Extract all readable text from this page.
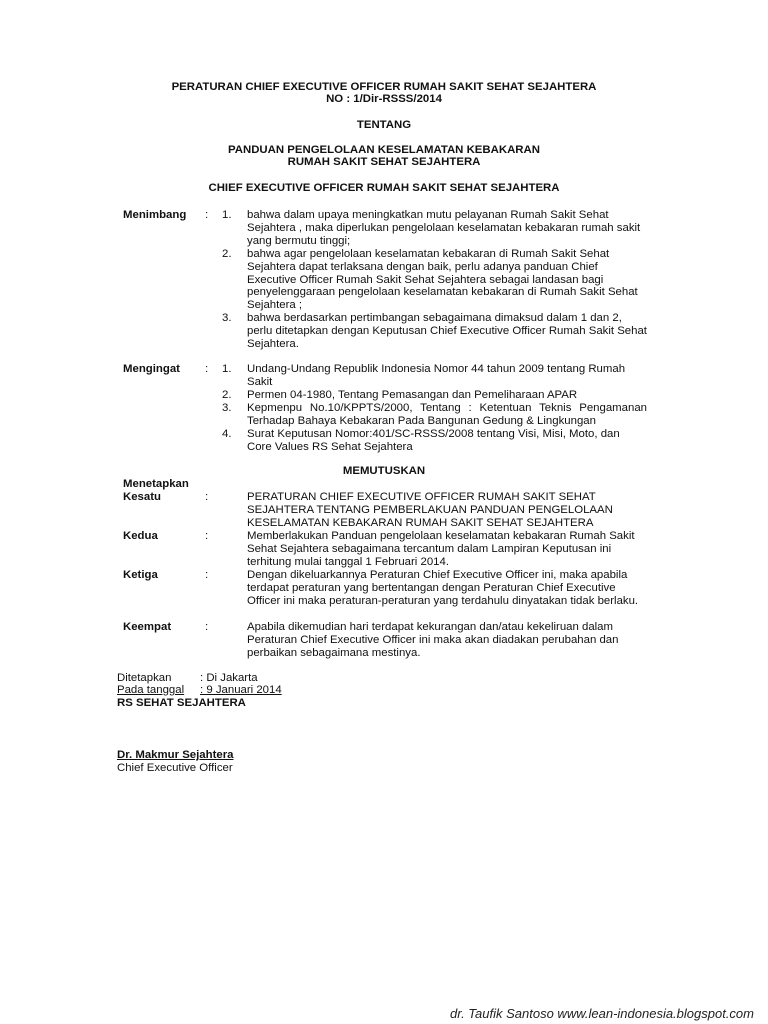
PERATURAN CHIEF EXECUTIVE OFFICER RUMAH SAKIT SEHAT SEJAHTERA
NO : 1/Dir-RSSS/2014
TENTANG
PANDUAN PENGELOLAAN KESELAMATAN KEBAKARAN
RUMAH SAKIT SEHAT SEJAHTERA
CHIEF EXECUTIVE OFFICER RUMAH SAKIT SEHAT SEJAHTERA
Menimbang : 1. bahwa dalam upaya meningkatkan mutu pelayanan Rumah Sakit Sehat Sejahtera , maka diperlukan pengelolaan keselamatan kebakaran rumah sakit yang bermutu tinggi;
2. bahwa agar pengelolaan keselamatan kebakaran di Rumah Sakit Sehat Sejahtera dapat terlaksana dengan baik, perlu adanya panduan Chief Executive Officer Rumah Sakit Sehat Sejahtera sebagai landasan bagi penyelenggaraan pengelolaan keselamatan kebakaran di Rumah Sakit Sehat Sejahtera ;
3. bahwa berdasarkan pertimbangan sebagaimana dimaksud dalam 1 dan 2, perlu ditetapkan dengan Keputusan Chief Executive Officer Rumah Sakit Sehat Sejahtera.
Mengingat : 1. Undang-Undang Republik Indonesia Nomor 44 tahun 2009 tentang Rumah Sakit
2. Permen 04-1980, Tentang Pemasangan dan Pemeliharaan APAR
3. Kepmenpu No.10/KPPTS/2000, Tentang : Ketentuan Teknis Pengamanan Terhadap Bahaya Kebakaran Pada Bangunan Gedung & Lingkungan
4. Surat Keputusan Nomor:401/SC-RSSS/2008 tentang Visi, Misi, Moto, dan Core Values RS Sehat Sejahtera
MEMUTUSKAN
Menetapkan
Kesatu	:	PERATURAN CHIEF EXECUTIVE OFFICER RUMAH SAKIT SEHAT SEJAHTERA TENTANG PEMBERLAKUAN PANDUAN PENGELOLAAN KESELAMATAN KEBAKARAN RUMAH SAKIT SEHAT SEJAHTERA
Kedua	:	Memberlakukan Panduan pengelolaan keselamatan kebakaran Rumah Sakit Sehat Sejahtera sebagaimana tercantum dalam Lampiran Keputusan ini terhitung mulai tanggal 1 Februari 2014.
Ketiga	:	Dengan dikeluarkannya Peraturan Chief Executive Officer ini, maka apabila terdapat peraturan yang bertentangan dengan Peraturan Chief Executive Officer ini maka peraturan-peraturan yang terdahulu dinyatakan tidak berlaku.
Keempat	:	Apabila dikemudian hari terdapat kekurangan dan/atau kekeliruan dalam Peraturan Chief Executive Officer ini maka akan diadakan perubahan dan perbaikan sebagaimana mestinya.
Ditetapkan	: Di Jakarta
Pada tanggal : 9 Januari 2014
RS SEHAT SEJAHTERA
Dr. Makmur Sejahtera
Chief Executive Officer
dr. Taufik Santoso www.lean-indonesia.blogspot.com
